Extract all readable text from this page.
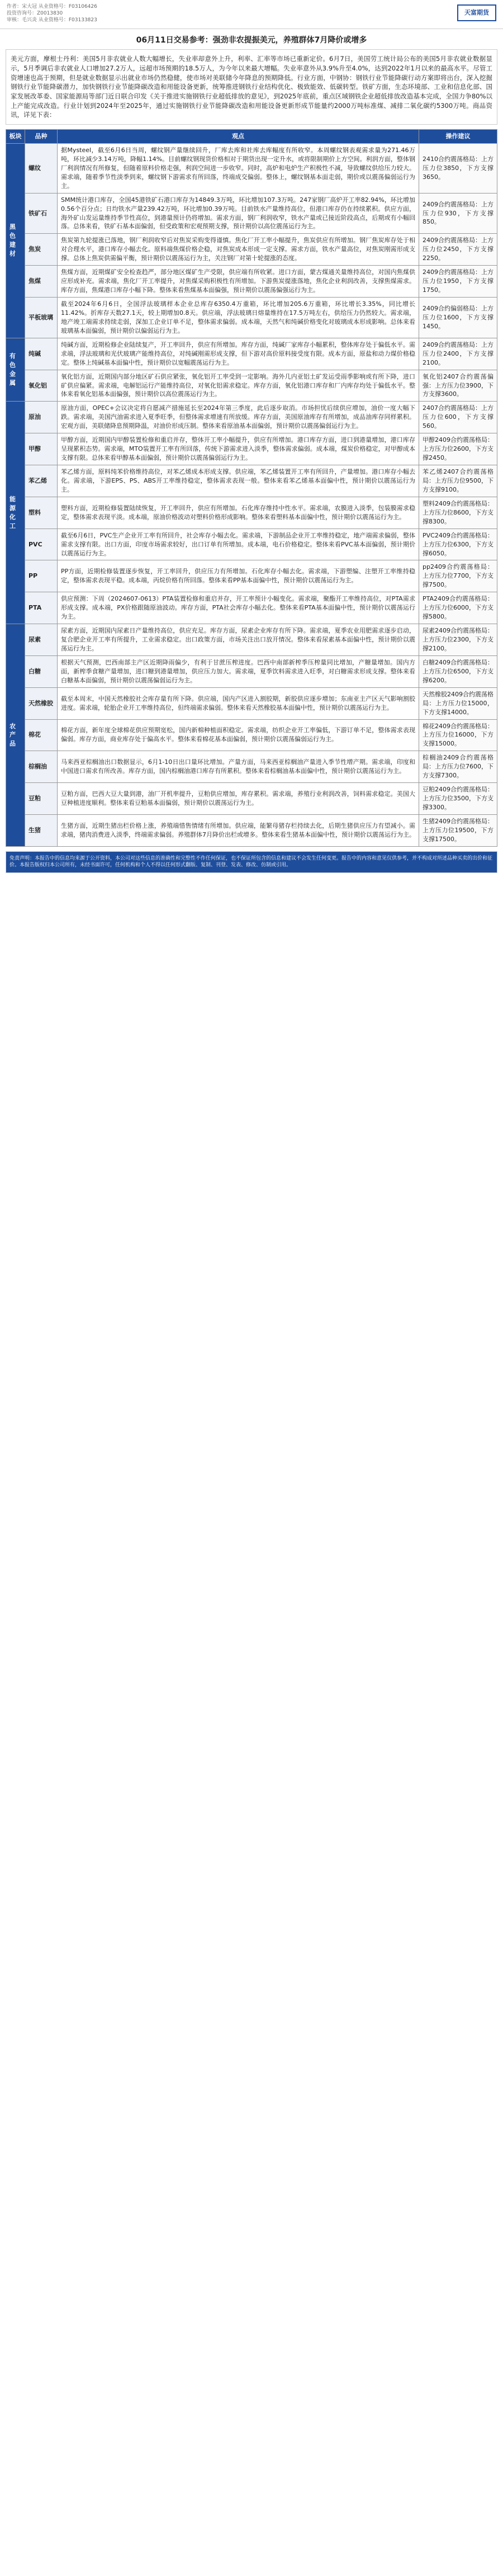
作者：宋大冠 从业资格号：F03106426
投资咨询号：Z0013830
审核：毛兴炎 从业资格号：F03133823
天富期货
06月11日交易参考：强劲非农提振美元，养殖群体7月降价或增多
美元方面，摩根士丹利：美国5月非农就业人数大幅增长，失业率却意外上升，利率、汇率等市场已重新定价。6月7日，美国劳工统计局公布的美国5月非农就业数据显示，5月季调后非农就业人口增加27.2万人，远超市场预期的18.5万人，为今年以来最大增幅。失业率意外从3.9%升至4.0%，达到2022年1月以来的最高水平。尽管工资增速也高于预期，但是就业数据显示出就业市场仍然稳健，使市场对美联储今年降息的预期降低。行业方面，中钢协：钢铁行业节能降碳行动方案即将出台，深入挖掘钢铁行业节能降碳潜力，加快钢铁行业节能降碳改造和用能设备更新，统筹推进钢铁行业结构优化、极致能效、低碳转型。铁矿方面，生态环境部、工业和信息化部、国家发展改革委、国家能源局等部门近日联合印发《关于推进实施钢铁行业超低排放的意见》，到2025年底前，重点区域钢铁企业超低排放改造基本完成，全国力争80%以上产能完成改造。行业计划到2024年至2025年，通过实施钢铁行业节能降碳改造和用能设备更新形成节能量约2000万吨标准煤、减排二氧化碳约5300万吨。商品资讯，详见下表：
板块	品种	观点	操作建议
黑色建材	螺纹	据Mysteel，截至6月6日当周，螺纹钢产量继续回升，厂库去库和社库去库幅度有所收窄。本周螺纹钢表观需求量为271.46万吨，环比减少3.14万吨，降幅1.14%。目前螺纹钢现货价格相对于期货出现一定升水，或将限制期价上方空间。利润方面，整体钢厂利润情况有所修复，但随着原料价格走强，利润空间进一步收窄。同时，高炉和电炉生产积极性不减，导致螺纹供给压力较大。需求端，随着季节性淡季到来，螺纹钢下游需求有所回落，终端成交偏弱。整体上，螺纹钢基本面走弱，期价或以震荡偏弱运行为主。	2410合约震荡格局：上方压力位3850，下方支撑3650。
	铁矿石	SMM统计港口库存，全国45港铁矿石港口库存为14849.3万吨，环比增加107.3万吨。247家钢厂高炉开工率82.94%，环比增加0.56个百分点；日均铁水产量239.42万吨，环比增加0.39万吨。目前铁水产量维持高位，但港口库存仍在持续累积。供应方面，海外矿山发运量维持季节性高位，到港量预计仍将增加。需求方面，钢厂利润收窄，铁水产量或已接近阶段高点，后期或有小幅回落。总体来看，铁矿石基本面偏弱，但受政策和宏观预期支撑，预计期价以高位震荡运行为主。	2409合约震荡格局：上方压力位930，下方支撑850。
	焦炭	焦炭第九轮提涨已落地，钢厂利润收窄后对焦炭采购变得谨慎。焦化厂开工率小幅提升，焦炭供应有所增加。钢厂焦炭库存处于相对合理水平，港口库存小幅去化。原料端焦煤价格企稳，对焦炭成本形成一定支撑。需求方面，铁水产量高位，对焦炭刚需形成支撑。总体上焦炭供需偏平衡，预计期价以震荡运行为主，关注钢厂对第十轮提涨的态度。	2409合约震荡格局：上方压力位2450，下方支撑2250。
	焦煤	焦煤方面，近期煤矿安全检查趋严，部分地区煤矿生产受限，供应端有所收紧。进口方面，蒙古煤通关量维持高位，对国内焦煤供应形成补充。需求端，焦化厂开工率提升，对焦煤采购积极性有所增加。下游焦炭提涨落地，焦化企业利润改善，支撑焦煤需求。库存方面，焦煤港口库存小幅下降。整体来看焦煤基本面偏强，预计期价以震荡偏强运行为主。	2409合约震荡格局：上方压力位1950，下方支撑1750。
	平板玻璃	截至2024年6月6日，全国浮法玻璃样本企业总库存6350.4万重箱，环比增加205.6万重箱，环比增长3.35%，同比增长11.42%。折库存天数27.1天，较上期增加0.8天。供应端，浮法玻璃日熔量维持在17.5万吨左右，供给压力仍然较大。需求端，地产竣工端需求持续走弱，深加工企业订单不足，整体需求偏弱。成本端，天然气和纯碱价格变化对玻璃成本形成影响。总体来看玻璃基本面偏弱，预计期价以偏弱运行为主。	2409合约偏弱格局：上方压力位1600，下方支撑1450。
有色金属	纯碱	纯碱方面，近期检修企业陆续复产，开工率回升，供应有所增加。库存方面，纯碱厂家库存小幅累积，整体库存处于偏低水平。需求端，浮法玻璃和光伏玻璃产能维持高位，对纯碱刚需形成支撑，但下游对高价原料接受度有限。成本方面，原盐和动力煤价格稳定。整体上纯碱基本面偏中性，预计期价以宽幅震荡运行为主。	2409合约震荡格局：上方压力位2400，下方支撑2100。
	氧化铝	氧化铝方面，近期国内部分地区矿石供应紧张，氧化铝开工率受到一定影响。海外几内亚铝土矿发运受雨季影响或有所下降，进口矿供应偏紧。需求端，电解铝运行产能维持高位，对氧化铝需求稳定。库存方面，氧化铝港口库存和厂内库存均处于偏低水平。整体来看氧化铝基本面偏强，预计期价以高位震荡运行为主。	氧化铝2407合约震荡偏强：上方压力位3900，下方支撑3600。
能源化工	原油	原油方面，OPEC+会议决定将自愿减产措施延长至2024年第三季度，此后逐步取消。市场担忧后续供应增加，油价一度大幅下跌。需求端，美国汽油需求进入夏季旺季，但整体需求增速有所放缓。库存方面，美国原油库存有所增加，成品油库存同样累积。宏观方面，美联储降息预期降温，对油价形成压制。整体来看原油基本面偏弱，预计期价以震荡偏弱运行为主。	2407合约震荡格局：上方压力位600，下方支撑560。
	甲醇	甲醇方面，近期国内甲醇装置检修和重启并存，整体开工率小幅提升，供应有所增加。港口库存方面，进口到港量增加，港口库存呈现累积态势。需求端，MTO装置开工率有所回落，传统下游需求进入淡季，整体需求偏弱。成本端，煤炭价格稳定，对甲醇成本支撑有限。总体来看甲醇基本面偏弱，预计期价以震荡偏弱运行为主。	甲醇2409合约震荡格局：上方压力位2600，下方支撑2450。
	苯乙烯	苯乙烯方面，原料纯苯价格维持高位，对苯乙烯成本形成支撑。供应端，苯乙烯装置开工率有所回升，产量增加。港口库存小幅去化。需求端，下游EPS、PS、ABS开工率维持稳定，整体需求表现一般。整体来看苯乙烯基本面偏中性，预计期价以震荡运行为主。	苯乙烯2407合约震荡格局：上方压力位9500，下方支撑9100。
	塑料	塑料方面，近期检修装置陆续恢复，开工率回升，供应有所增加。石化库存维持中性水平。需求端，农膜进入淡季，包装膜需求稳定，整体需求表现平淡。成本端，原油价格波动对塑料价格形成影响。整体来看塑料基本面偏中性，预计期价以震荡运行为主。	塑料2409合约震荡格局：上方压力位8600，下方支撑8300。
	PVC	截至6月6日，PVC生产企业开工率有所回升，社会库存小幅去化。需求端，下游制品企业开工率维持稳定，地产端需求偏弱，整体需求支撑有限。出口方面，印度市场需求较好，出口订单有所增加。成本端，电石价格稳定。整体来看PVC基本面偏弱，预计期价以震荡运行为主。	PVC2409合约震荡格局：上方压力位6300，下方支撑6050。
	PP	PP方面，近期检修装置逐步恢复，开工率回升，供应压力有所增加。石化库存小幅去化。需求端，下游塑编、注塑开工率维持稳定，整体需求表现平稳。成本端，丙烷价格有所回落。整体来看PP基本面偏中性，预计期价以震荡运行为主。	pp2409合约震荡格局：上方压力位7700，下方支撑7500。
	PTA	供应预测：下周（2024607-0613）PTA装置检修和重启并存，开工率预计小幅变化。需求端，聚酯开工率维持高位，对PTA需求形成支撑。成本端，PX价格跟随原油波动。库存方面，PTA社会库存小幅去化。整体来看PTA基本面偏中性，预计期价以震荡运行为主。	PTA2409合约震荡格局：上方压力位6000，下方支撑5800。
农产品	尿素	尿素方面，近期国内尿素日产量维持高位，供应充足。库存方面，尿素企业库存有所下降。需求端，夏季农业用肥需求逐步启动，复合肥企业开工率有所提升，工业需求稳定。出口政策方面，市场关注出口放开情况。整体来看尿素基本面偏中性，预计期价以震荡运行为主。	尿素2409合约震荡格局：上方压力位2300，下方支撑2100。
	白糖	根据天气预测，巴西南部主产区近期降雨偏少，有利于甘蔗压榨进度。巴西中南部新榨季压榨量同比增加，产糖量增加。国内方面，新榨季食糖产量增加，进口糖到港量增加，供应压力加大。需求端，夏季饮料需求进入旺季，对白糖需求形成支撑。整体来看白糖基本面偏弱，预计期价以震荡偏弱运行为主。	白糖2409合约震荡格局：上方压力位6500，下方支撑6200。
	天然橡胶	截至本周末，中国天然橡胶社会库存量有所下降。供应端，国内产区进入割胶期，新胶供应逐步增加；东南亚主产区天气影响割胶进度。需求端，轮胎企业开工率维持高位，但终端需求偏弱。整体来看天然橡胶基本面偏中性，预计期价以震荡运行为主。	天然橡胶2409合约震荡格局：上方压力位15000，下方支撑14000。
	棉花	棉花方面，新年度全球棉花供应预期宽松，国内新棉种植面积稳定。需求端，纺织企业开工率偏低，下游订单不足，整体需求表现偏弱。库存方面，商业库存处于偏高水平。整体来看棉花基本面偏弱，预计期价以震荡偏弱运行为主。	棉花2409合约震荡格局：上方压力位16000，下方支撑15000。
	棕榈油	马来西亚棕榈油出口数据显示，6月1-10日出口量环比增加。产量方面，马来西亚棕榈油产量进入季节性增产期。需求端，印度和中国进口需求有所改善。库存方面，国内棕榈油港口库存有所累积。整体来看棕榈油基本面偏中性，预计期价以震荡运行为主。	棕榈油2409合约震荡格局：上方压力位7600，下方支撑7300。
	豆粕	豆粕方面，巴西大豆大量到港，油厂开机率提升，豆粕供应增加，库存累积。需求端，养殖行业利润改善，饲料需求稳定。美国大豆种植进度顺利。整体来看豆粕基本面偏弱，预计期价以震荡运行为主。	豆粕2409合约震荡格局：上方压力位3500，下方支撑3300。
	生猪	生猪方面，近期生猪出栏价格上涨，养殖端惜售情绪有所增加。供应端，能繁母猪存栏持续去化，后期生猪供应压力有望减小。需求端，猪肉消费进入淡季，终端需求偏弱。养殖群体7月降价出栏或增多。整体来看生猪基本面偏中性，预计期价以震荡运行为主。	生猪2409合约震荡格局：上方压力位19500，下方支撑17500。
免责声明：本报告中的信息均来源于公开资料，本公司对这些信息的准确性和完整性不作任何保证，也不保证所包含的信息和建议不会发生任何变更。报告中的内容和意见仅供参考，并不构成对所述品种买卖的出价和征价。本报告版权归本公司所有，未经书面许可，任何机构和个人不得以任何形式翻版、复制、刊登、发表、修改、仿制或引用。
